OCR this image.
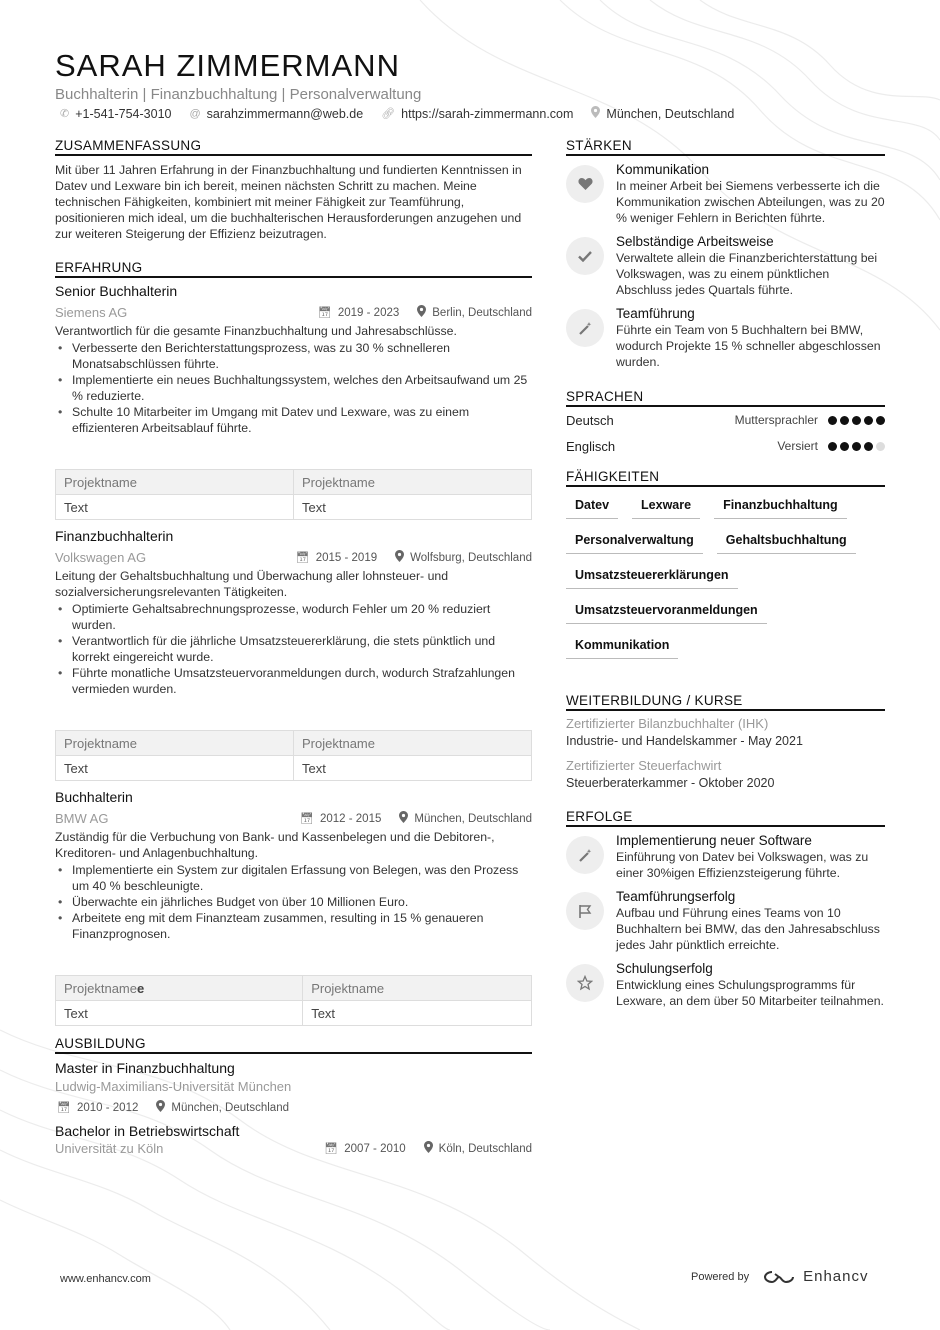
SARAH ZIMMERMANN
Buchhalterin | Finanzbuchhaltung | Personalverwaltung
✆ +1-541-754-3010 @ sarahzimmermann@web.de 🔗︎ https://sarah-zimmermann.com	München, Deutschland
ZUSAMMENFASSUNG

Mit über 11 Jahren Erfahrung in der Finanzbuchhaltung und fundierten Kenntnissen in Datev und Lexware bin ich bereit, meinen nächsten Schritt zu machen. Meine technischen Fähigkeiten, kombiniert mit meiner Fähigkeit zur Teamführung, positionieren mich ideal, um die buchhalterischen Herausforderungen anzugehen und zur weiteren Steigerung der Effizienz beizutragen.

ERFAHRUNG
Senior Buchhalterin
Siemens AG	📅︎ 2019 - 2023	Berlin, Deutschland

Verantwortlich für die gesamte Finanzbuchhaltung und Jahresabschlüsse.

• Verbesserte den Berichterstattungsprozess, was zu 30 % schnelleren Monatsabschlüssen führte.
• Implementierte ein neues Buchhaltungssystem, welches den Arbeitsaufwand um 25 % reduzierte.
• Schulte 10 Mitarbeiter im Umgang mit Datev und Lexware, was zu einem effizienteren Arbeitsablauf führte.
Projektname	Projektname
Text	Text
Finanzbuchhalterin
Volkswagen AG	📅︎ 2015 - 2019	Wolfsburg, Deutschland

Leitung der Gehaltsbuchhaltung und Überwachung aller lohnsteuer- und sozialversicherungsrelevanten Tätigkeiten.

• Optimierte Gehaltsabrechnungsprozesse, wodurch Fehler um 20 % reduziert wurden.
• Verantwortlich für die jährliche Umsatzsteuererklärung, die stets pünktlich und korrekt eingereicht wurde.
• Führte monatliche Umsatzsteuervoranmeldungen durch, wodurch Strafzahlungen vermieden wurden.
Projektname	Projektname
Text	Text
Buchhalterin
BMW AG	📅︎ 2012 - 2015	München, Deutschland

Zuständig für die Verbuchung von Bank- und Kassenbelegen und die Debitoren-, Kreditoren- und Anlagenbuchhaltung.

• Implementierte ein System zur digitalen Erfassung von Belegen, was den Prozess um 40 % beschleunigte.
• Überwachte ein jährliches Budget von über 10 Millionen Euro.
• Arbeitete eng mit dem Finanzteam zusammen, resulting in 15 % genaueren Finanzprognosen.
Projektnamee	Projektname
Text	Text
AUSBILDUNG
Master in Finanzbuchhaltung
Ludwig-Maximilians-Universität München
📅︎ 2010 - 2012	München, Deutschland
Bachelor in Betriebswirtschaft
Universität zu Köln	📅︎ 2007 - 2010	Köln, Deutschland
STÄRKEN
Kommunikation

In meiner Arbeit bei Siemens verbesserte ich die Kommunikation zwischen Abteilungen, was zu 20 % weniger Fehlern in Berichten führte.

Selbständige Arbeitsweise

Verwaltete allein die Finanzberichterstattung bei Volkswagen, was zu einem pünktlichen Abschluss jedes Quartals führte.

Teamführung

Führte ein Team von 5 Buchhaltern bei BMW, wodurch Projekte 15 % schneller abgeschlossen wurden.

SPRACHEN
Deutsch	Muttersprachler
Englisch	Versiert
FÄHIGKEITEN
Datev	Lexware	Finanzbuchhaltung
Personalverwaltung	Gehaltsbuchhaltung
Umsatzsteuererklärungen
Umsatzsteuervoranmeldungen
Kommunikation
WEITERBILDUNG / KURSE
Zertifizierter Bilanzbuchhalter (IHK)
Industrie- und Handelskammer - May 2021
Zertifizierter Steuerfachwirt
Steuerberaterkammer - Oktober 2020
ERFOLGE
Implementierung neuer Software

Einführung von Datev bei Volkswagen, was zu einer 30%igen Effizienzsteigerung führte.

Teamführungserfolg

Aufbau und Führung eines Teams von 10 Buchhaltern bei BMW, das den Jahresabschluss jedes Jahr pünktlich erreichte.

Schulungserfolg

Entwicklung eines Schulungsprogramms für Lexware, an dem über 50 Mitarbeiter teilnahmen.

www.enhancv.com	Powered by	Enhancv
